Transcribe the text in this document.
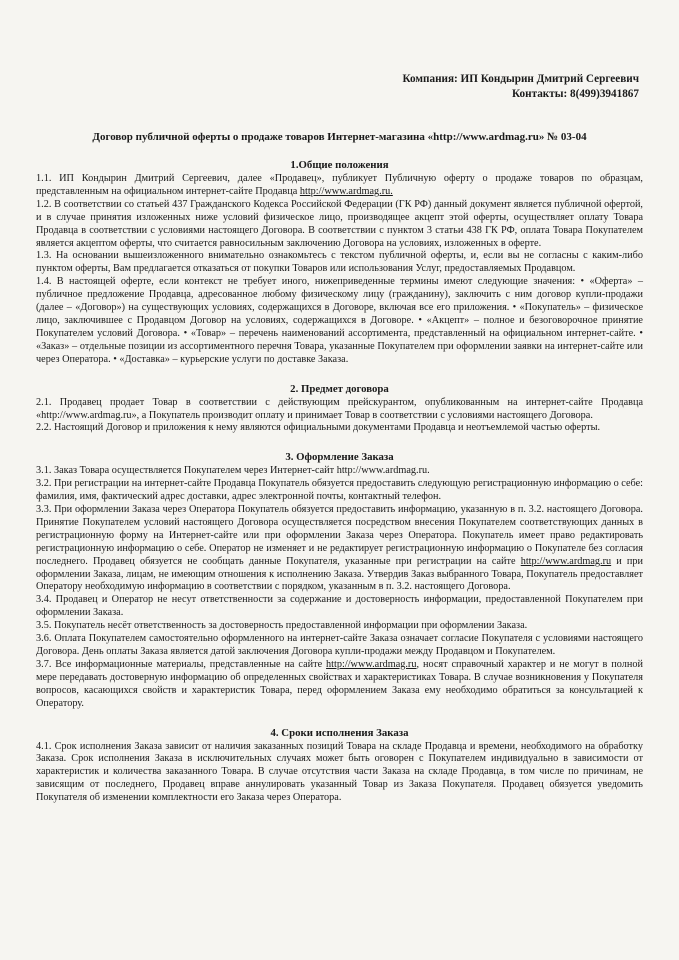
Компания: ИП Кондырин Дмитрий Сергеевич
Контакты: 8(499)3941867
Договор публичной оферты о продаже товаров Интернет-магазина «http://www.ardmag.ru» № 03-04
1.Общие положения

1.1. ИП Кондырин Дмитрий Сергеевич, далее «Продавец», публикует Публичную оферту о продаже товаров по образцам, представленным на официальном интернет-сайте Продавца http://www.ardmag.ru.

1.2. В соответствии со статьей 437 Гражданского Кодекса Российской Федерации (ГК РФ) данный документ является публичной офертой, и в случае принятия изложенных ниже условий физическое лицо, производящее акцепт этой оферты, осуществляет оплату Товара Продавца в соответствии с условиями настоящего Договора. В соответствии с пунктом 3 статьи 438 ГК РФ, оплата Товара Покупателем является акцептом оферты, что считается равносильным заключению Договора на условиях, изложенных в оферте.

1.3. На основании вышеизложенного внимательно ознакомьтесь с текстом публичной оферты, и, если вы не согласны с каким-либо пунктом оферты, Вам предлагается отказаться от покупки Товаров или использования Услуг, предоставляемых Продавцом.

1.4. В настоящей оферте, если контекст не требует иного, нижеприведенные термины имеют следующие значения: • «Оферта» – публичное предложение Продавца, адресованное любому физическому лицу (гражданину), заключить с ним договор купли-продажи (далее – «Договор») на существующих условиях, содержащихся в Договоре, включая все его приложения. • «Покупатель» – физическое лицо, заключившее с Продавцом Договор на условиях, содержащихся в Договоре. • «Акцепт» – полное и безоговорочное принятие Покупателем условий Договора. • «Товар» – перечень наименований ассортимента, представленный на официальном интернет-сайте. • «Заказ» – отдельные позиции из ассортиментного перечня Товара, указанные Покупателем при оформлении заявки на интернет-сайте или через Оператора. • «Доставка» – курьерские услуги по доставке Заказа.

2. Предмет договора

2.1. Продавец продает Товар в соответствии с действующим прейскурантом, опубликованным на интернет-сайте Продавца «http://www.ardmag.ru», а Покупатель производит оплату и принимает Товар в соответствии с условиями настоящего Договора.

2.2. Настоящий Договор и приложения к нему являются официальными документами Продавца и неотъемлемой частью оферты.

3. Оформление Заказа

3.1. Заказ Товара осуществляется Покупателем через Интернет-сайт http://www.ardmag.ru.

3.2. При регистрации на интернет-сайте Продавца Покупатель обязуется предоставить следующую регистрационную информацию о себе: фамилия, имя, фактический адрес доставки, адрес электронной почты, контактный телефон.

3.3. При оформлении Заказа через Оператора Покупатель обязуется предоставить информацию, указанную в п. 3.2. настоящего Договора. Принятие Покупателем условий настоящего Договора осуществляется посредством внесения Покупателем соответствующих данных в регистрационную форму на Интернет-сайте или при оформлении Заказа через Оператора. Покупатель имеет право редактировать регистрационную информацию о себе. Оператор не изменяет и не редактирует регистрационную информацию о Покупателе без согласия последнего. Продавец обязуется не сообщать данные Покупателя, указанные при регистрации на сайте http://www.ardmag.ru и при оформлении Заказа, лицам, не имеющим отношения к исполнению Заказа. Утвердив Заказ выбранного Товара, Покупатель предоставляет Оператору необходимую информацию в соответствии с порядком, указанным в п. 3.2. настоящего Договора.

3.4. Продавец и Оператор не несут ответственности за содержание и достоверность информации, предоставленной Покупателем при оформлении Заказа.

3.5. Покупатель несёт ответственность за достоверность предоставленной информации при оформлении Заказа.

3.6. Оплата Покупателем самостоятельно оформленного на интернет-сайте Заказа означает согласие Покупателя с условиями настоящего Договора. День оплаты Заказа является датой заключения Договора купли-продажи между Продавцом и Покупателем.

3.7. Все информационные материалы, представленные на сайте http://www.ardmag.ru, носят справочный характер и не могут в полной мере передавать достоверную информацию об определенных свойствах и характеристиках Товара. В случае возникновения у Покупателя вопросов, касающихся свойств и характеристик Товара, перед оформлением Заказа ему необходимо обратиться за консультацией к Оператору.

4. Сроки исполнения Заказа

4.1. Срок исполнения Заказа зависит от наличия заказанных позиций Товара на складе Продавца и времени, необходимого на обработку Заказа. Срок исполнения Заказа в исключительных случаях может быть оговорен с Покупателем индивидуально в зависимости от характеристик и количества заказанного Товара. В случае отсутствия части Заказа на складе Продавца, в том числе по причинам, не зависящим от последнего, Продавец вправе аннулировать указанный Товар из Заказа Покупателя. Продавец обязуется уведомить Покупателя об изменении комплектности его Заказа через Оператора.
